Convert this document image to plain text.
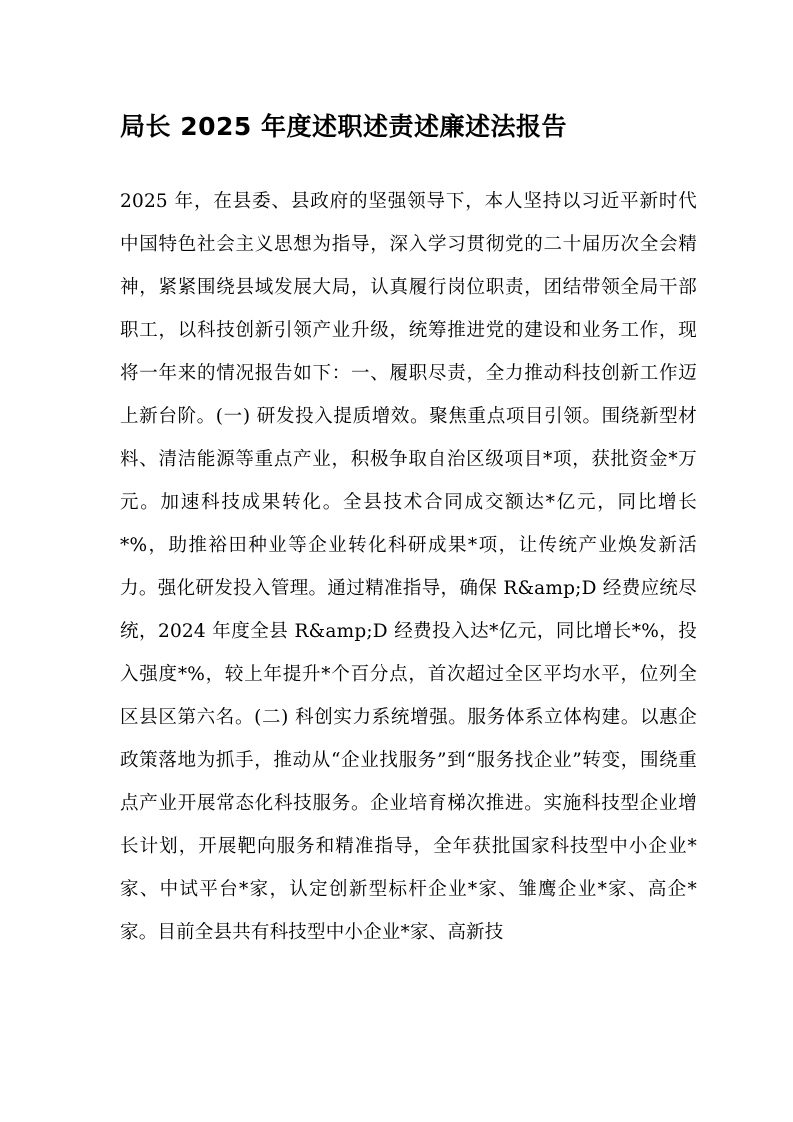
局长 2025 年度述职述责述廉述法报告

2025 年，在县委、县政府的坚强领导下，本人坚持以习近平新时代中国特色社会主义思想为指导，深入学习贯彻党的二十届历次全会精神，紧紧围绕县域发展大局，认真履行岗位职责，团结带领全局干部职工，以科技创新引领产业升级，统筹推进党的建设和业务工作，现将一年来的情况报告如下：一、履职尽责，全力推动科技创新工作迈上新台阶。(一) 研发投入提质增效。聚焦重点项目引领。围绕新型材料、清洁能源等重点产业，积极争取自治区级项目*项，获批资金*万元。加速科技成果转化。全县技术合同成交额达*亿元，同比增长*%，助推裕田种业等企业转化科研成果*项，让传统产业焕发新活力。强化研发投入管理。通过精准指导，确保 R&amp;D 经费应统尽统，2024 年度全县 R&amp;D 经费投入达*亿元，同比增长*%，投入强度*%，较上年提升*个百分点，首次超过全区平均水平，位列全区县区第六名。(二) 科创实力系统增强。服务体系立体构建。以惠企政策落地为抓手，推动从“企业找服务”到“服务找企业”转变，围绕重点产业开展常态化科技服务。企业培育梯次推进。实施科技型企业增长计划，开展靶向服务和精准指导，全年获批国家科技型中小企业*家、中试平台*家，认定创新型标杆企业*家、雏鹰企业*家、高企*家。目前全县共有科技型中小企业*家、高新技
